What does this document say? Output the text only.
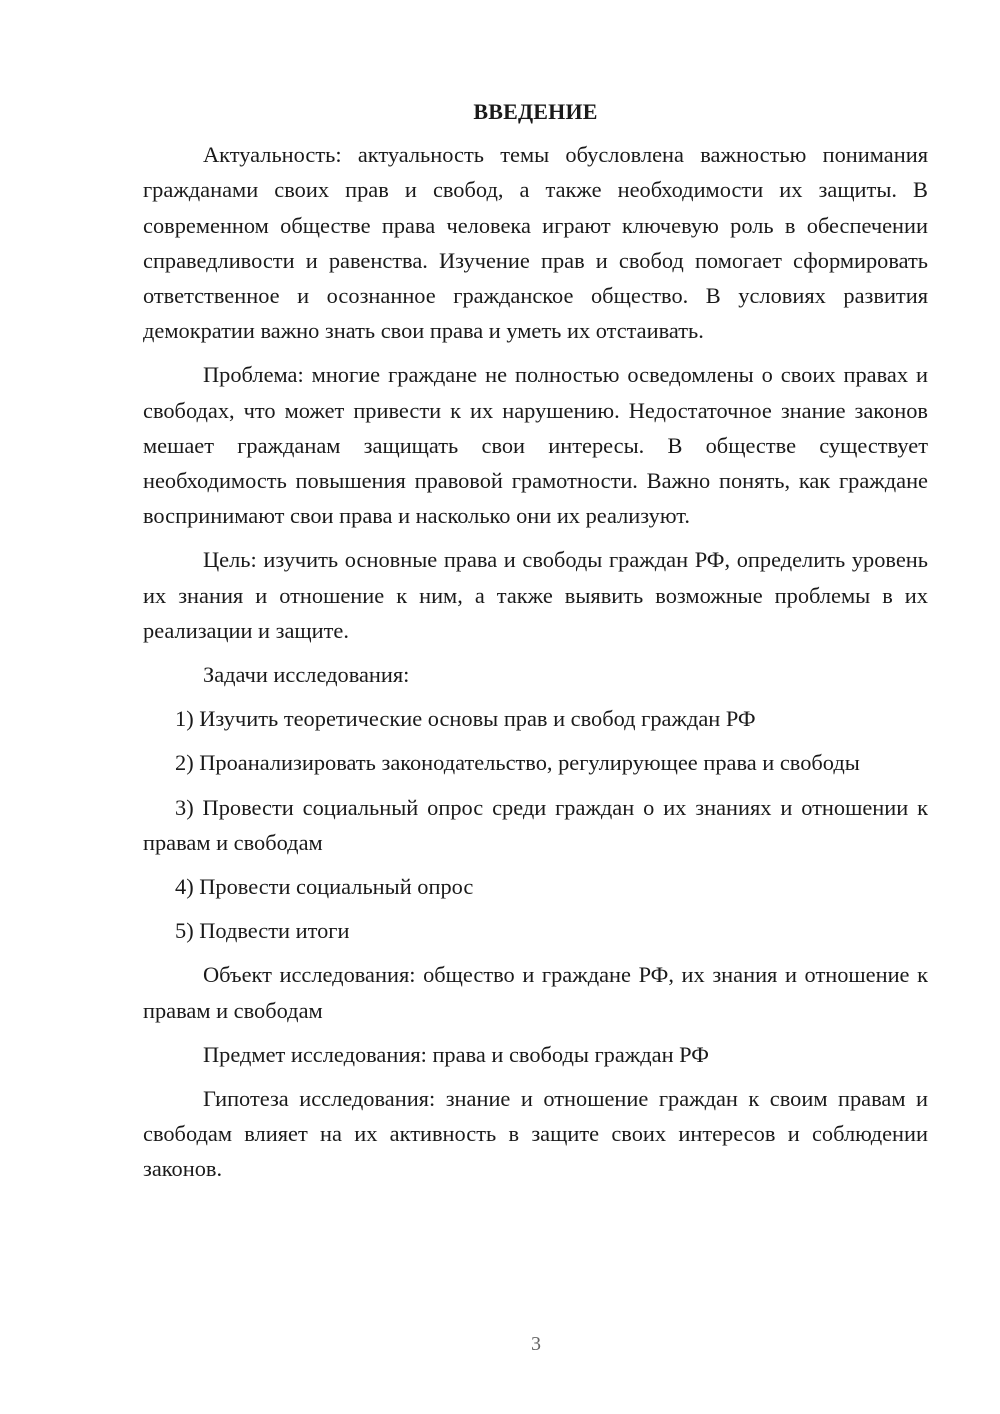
ВВЕДЕНИЕ

Актуальность: актуальность темы обусловлена важностью понимания гражданами своих прав и свобод, а также необходимости их защиты. В современном обществе права человека играют ключевую роль в обеспечении справедливости и равенства. Изучение прав и свобод помогает сформировать ответственное и осознанное гражданское общество. В условиях развития демократии важно знать свои права и уметь их отстаивать.

Проблема: многие граждане не полностью осведомлены о своих правах и свободах, что может привести к их нарушению. Недостаточное знание законов мешает гражданам защищать свои интересы. В обществе существует необходимость повышения правовой грамотности. Важно понять, как граждане воспринимают свои права и насколько они их реализуют.

Цель: изучить основные права и свободы граждан РФ, определить уровень их знания и отношение к ним, а также выявить возможные проблемы в их реализации и защите.

Задачи исследования:

1) Изучить теоретические основы прав и свобод граждан РФ

2) Проанализировать законодательство, регулирующее права и свободы

3) Провести социальный опрос среди граждан о их знаниях и отношении к правам и свободам

4) Провести социальный опрос

5) Подвести итоги

Объект исследования: общество и граждане РФ, их знания и отношение к правам и свободам

Предмет исследования: права и свободы граждан РФ

Гипотеза исследования: знание и отношение граждан к своим правам и свободам влияет на их активность в защите своих интересов и соблюдении законов.

3
